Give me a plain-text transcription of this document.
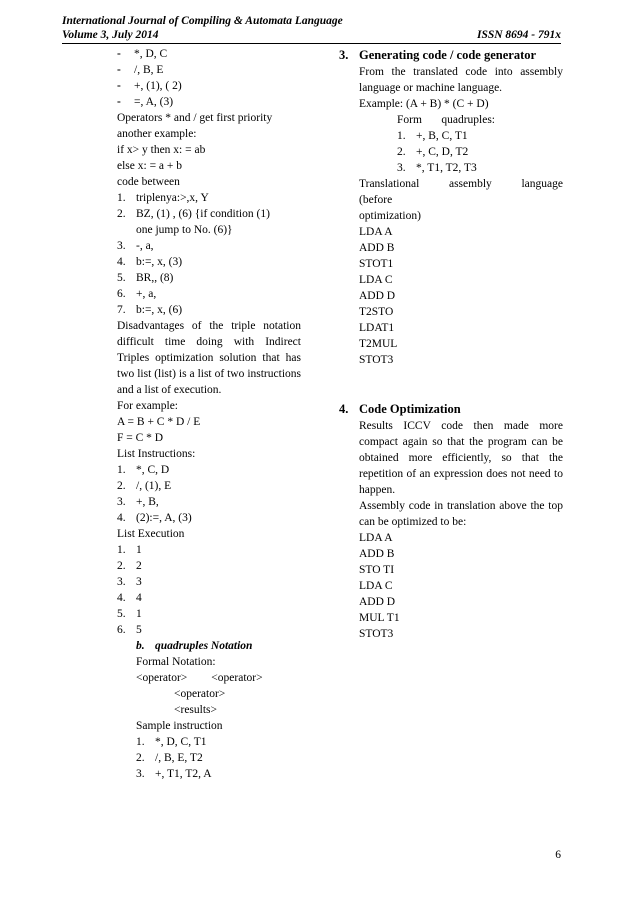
International Journal of Compiling & Automata Language
Volume 3, July 2014	ISSN 8694 - 791x
-	*, D, C
-	/, B, E
-	+, (1), ( 2)
-	=, A, (3)
Operators * and / get first priority
another example:
if x> y then x: = ab
else x: = a + b
code between
1. triplenya:>,x, Y
2. BZ, (1) , (6) {if condition (1)
one jump to No. (6)}
3. -, a,
4. b:=, x, (3)
5. BR,, (8)
6. +, a,
7. b:=, x, (6)
Disadvantages of the triple notation difficult time doing with Indirect Triples optimization solution that has two list (list) is a list of two instructions and a list of execution.
For example:
A = B + C * D / E
F = C * D
List Instructions:
1. *, C, D
2. /, (1), E
3. +, B,
4. (2):=, A, (3)
List Execution
1. 1
2. 2
3. 3
4. 4
5. 1
6. 5
b. quadruples Notation
Formal Notation:
<operator> <operator>
<operator>
<results>
Sample instruction
1. *, D, C, T1
2. /, B, E, T2
3. +, T1, T2, A
3. Generating code / code generator
From the translated code into assembly language or machine language.
Example: (A + B) * (C + D)
Form quadruples:
1. +, B, C, T1
2. +, C, D, T2
3. *, T1, T2, T3
Translational	assembly	language
(before
optimization)
LDA A
ADD B
STOT1
LDA C
ADD D
T2STO
LDAT1
T2MUL
STOT3
4. Code Optimization
Results ICCV code then made more compact again so that the program can be obtained more efficiently, so that the repetition of an expression does not need to happen.
Assembly code in translation above the top can be optimized to be:
LDA A
ADD B
STO TI
LDA C
ADD D
MUL T1
STOT3
6
